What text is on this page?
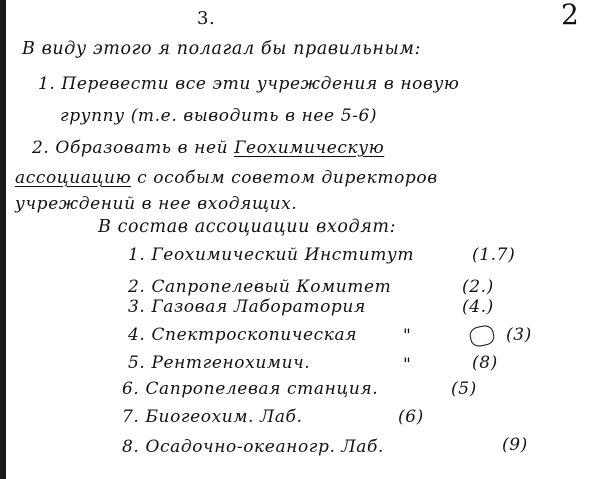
3.	2
В виду этого я полагал бы правильным:
1. Перевести все эти учреждения в новую
группу (т.е. выводить в нее 5-6)
2. Образовать в ней Геохимическую
ассоциацию с особым советом директоров
учреждений в нее входящих.
В состав ассоциации входят:
1. Геохимический Институт	(1.7)
2. Сапропелевый Комитет	(2.)
3. Газовая Лаборатория	(4.)
4. Спектроскопическая	"	(3)
5. Рентгенохимич.	"	(8)
6. Сапропелевая станция.	(5)
7. Биогеохим. Лаб.	(6)
8. Осадочно-океаногр. Лаб.	(9)
